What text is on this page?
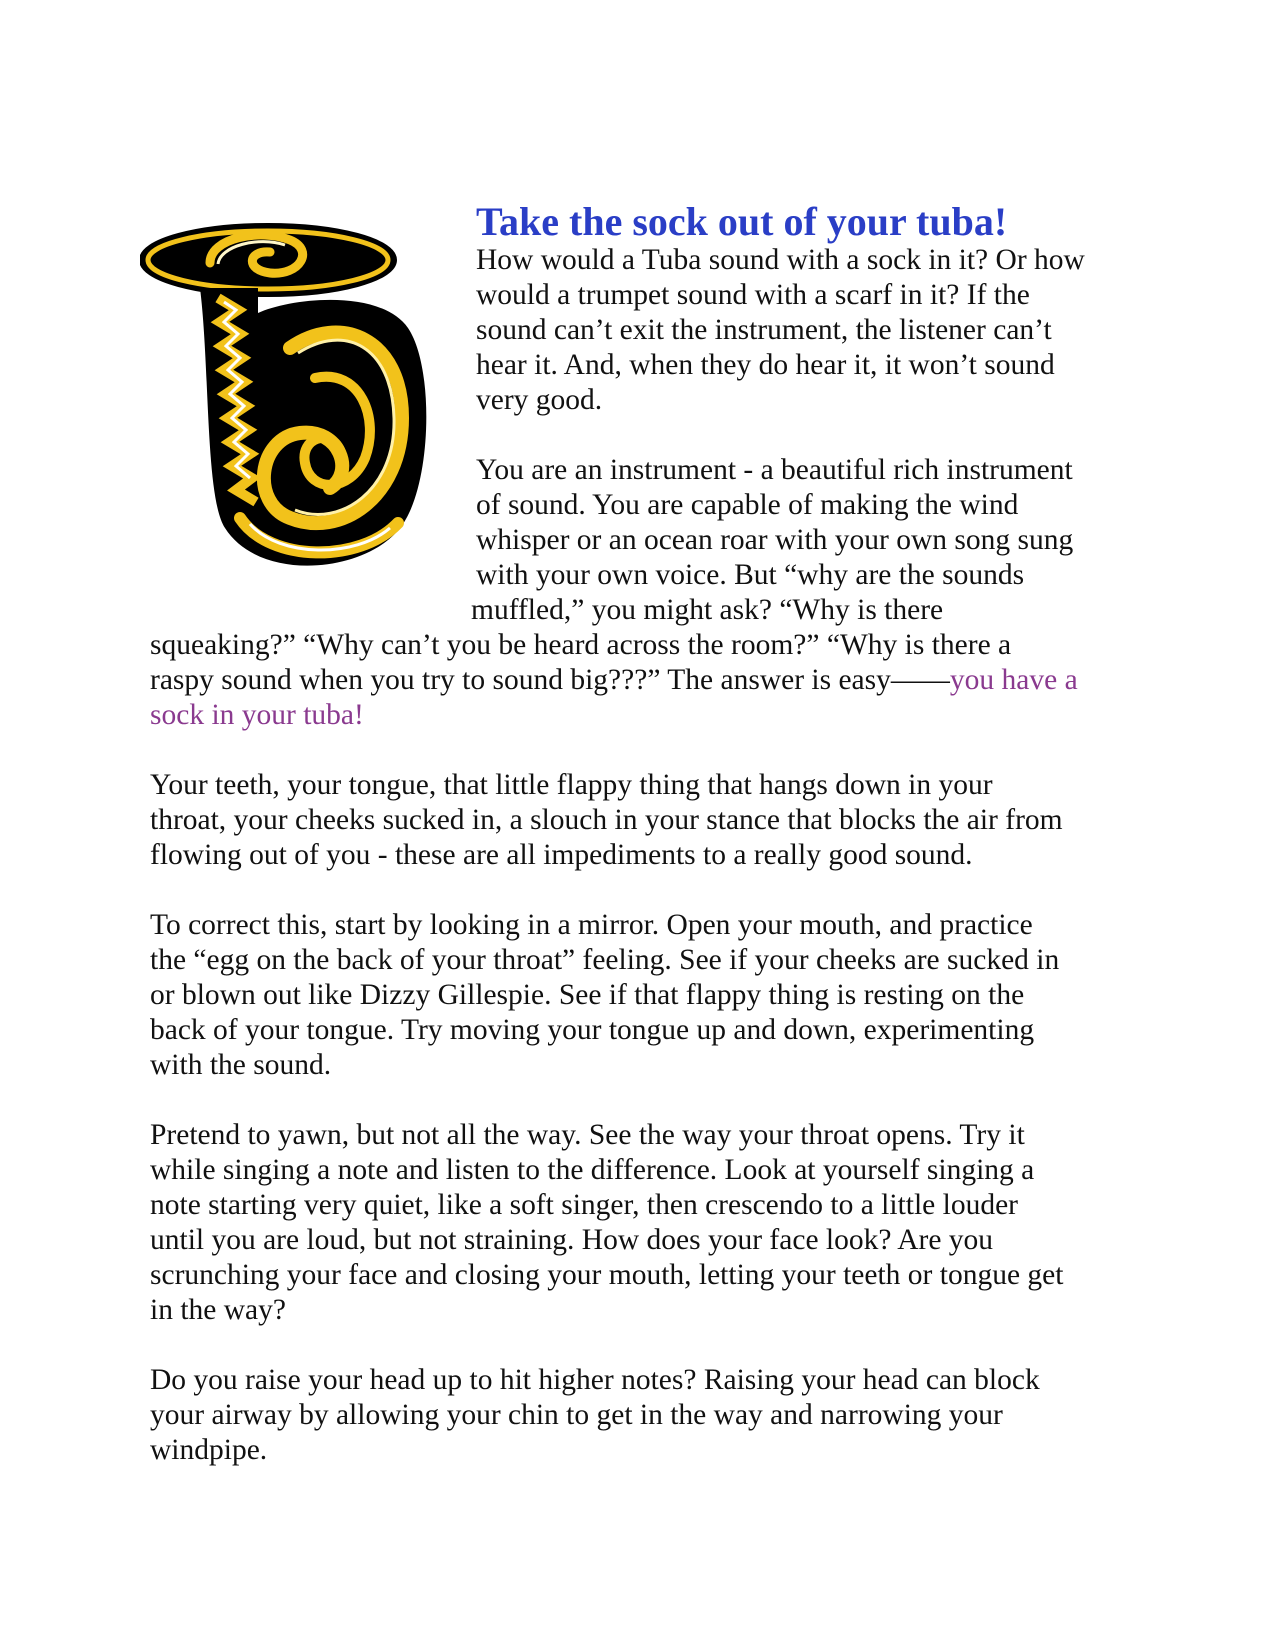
Take the sock out of your tuba!

How would a Tuba sound with a sock in it? Or how

would a trumpet sound with a scarf in it? If the

sound can’t exit the instrument, the listener can’t

hear it. And, when they do hear it, it won’t sound

very good.

You are an instrument - a beautiful rich instrument

of sound. You are capable of making the wind

whisper or an ocean roar with your own song sung

with your own voice. But “why are the sounds

muffled,” you might ask? “Why is there

squeaking?” “Why can’t you be heard across the room?” “Why is there a

raspy sound when you try to sound big???” The answer is easy——you have a

sock in your tuba!

Your teeth, your tongue, that little flappy thing that hangs down in your

throat, your cheeks sucked in, a slouch in your stance that blocks the air from

flowing out of you - these are all impediments to a really good sound.

To correct this, start by looking in a mirror. Open your mouth, and practice

the “egg on the back of your throat” feeling. See if your cheeks are sucked in

or blown out like Dizzy Gillespie. See if that flappy thing is resting on the

back of your tongue. Try moving your tongue up and down, experimenting

with the sound.

Pretend to yawn, but not all the way. See the way your throat opens. Try it

while singing a note and listen to the difference. Look at yourself singing a

note starting very quiet, like a soft singer, then crescendo to a little louder

until you are loud, but not straining. How does your face look? Are you

scrunching your face and closing your mouth, letting your teeth or tongue get

in the way?

Do you raise your head up to hit higher notes? Raising your head can block

your airway by allowing your chin to get in the way and narrowing your

windpipe.
